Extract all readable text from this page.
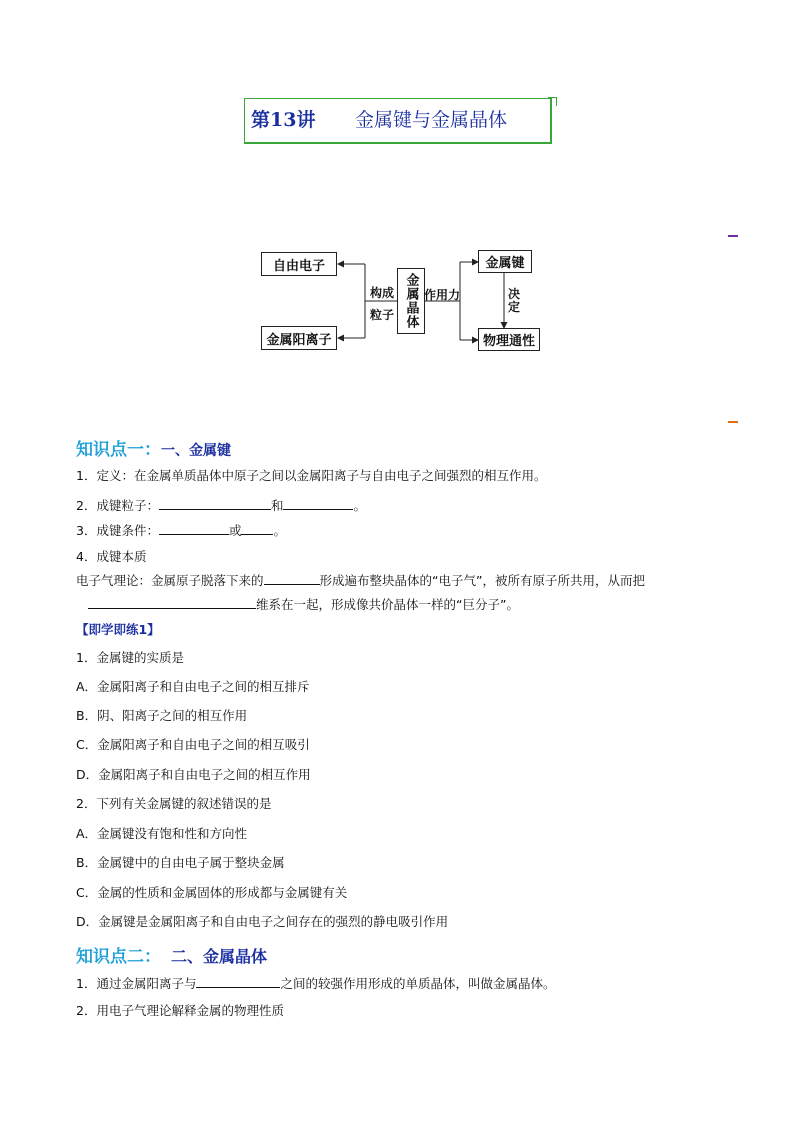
第13讲 金属键与金属晶体
自由电子
金属阳离子
构成
粒子 金属晶体 作用力
金属键
决定
物理通性
知识点一：一、金属键
1．定义：在金属单质晶体中原子之间以金属阳离子与自由电子之间强烈的相互作用。
2．成键粒子：	和	。
3．成键条件：	或	。
4．成键本质
电子气理论：金属原子脱落下来的	形成遍布整块晶体的“电子气”，被所有原子所共用，从而把
维系在一起，形成像共价晶体一样的“巨分子”。
【即学即练1】
1．金属键的实质是
A．金属阳离子和自由电子之间的相互排斥
B．阴、阳离子之间的相互作用
C．金属阳离子和自由电子之间的相互吸引
D．金属阳离子和自由电子之间的相互作用
2．下列有关金属键的叙述错误的是
A．金属键没有饱和性和方向性
B．金属键中的自由电子属于整块金属
C．金属的性质和金属固体的形成都与金属键有关
D．金属键是金属阳离子和自由电子之间存在的强烈的静电吸引作用
知识点二： 二、金属晶体
1．通过金属阳离子与	之间的较强作用形成的单质晶体，叫做金属晶体。
2．用电子气理论解释金属的物理性质
